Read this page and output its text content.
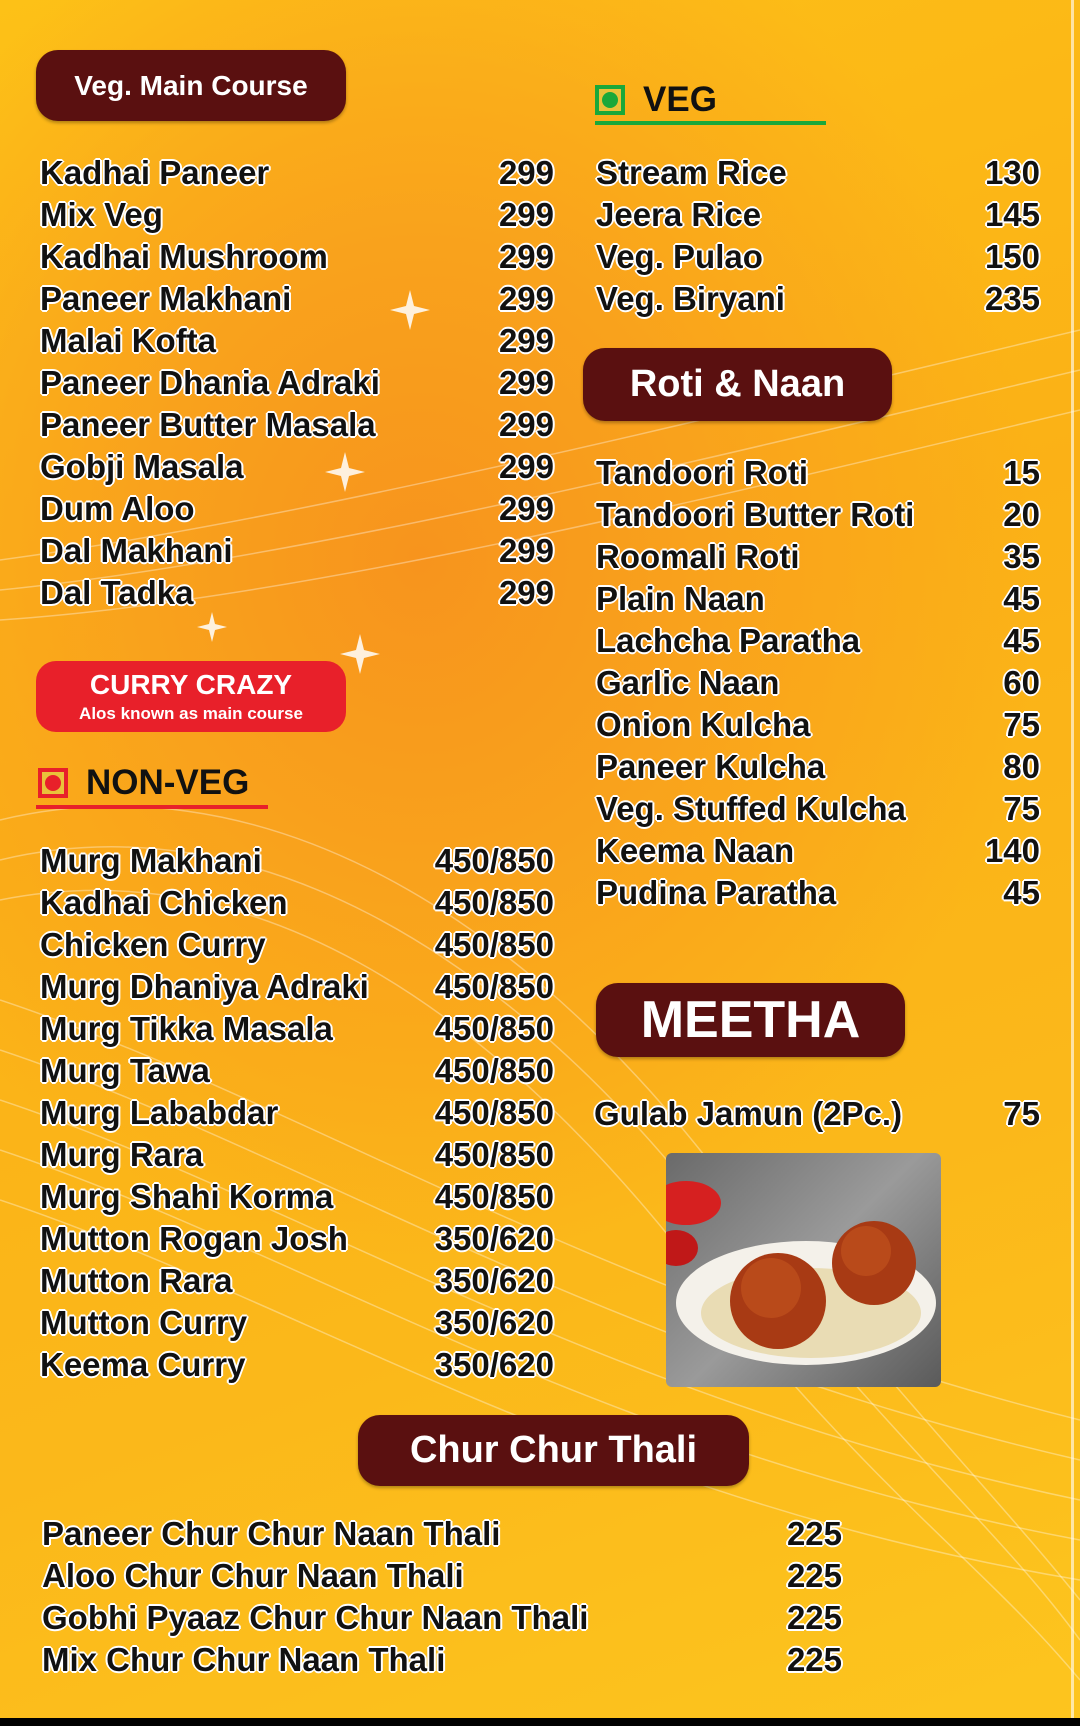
Veg. Main Course
Kadhai Paneer	299
Mix Veg	299
Kadhai Mushroom	299
Paneer Makhani	299
Malai Kofta	299
Paneer Dhania Adraki	299
Paneer Butter Masala	299
Gobji Masala	299
Dum Aloo	299
Dal Makhani	299
Dal Tadka	299
CURRY CRAZY
Alos known as main course
NON-VEG
Murg Makhani	450/850
Kadhai Chicken	450/850
Chicken Curry	450/850
Murg Dhaniya Adraki	450/850
Murg Tikka Masala	450/850
Murg Tawa	450/850
Murg Lababdar	450/850
Murg Rara	450/850
Murg Shahi Korma	450/850
Mutton Rogan Josh	350/620
Mutton Rara	350/620
Mutton Curry	350/620
Keema Curry	350/620
VEG
Stream Rice	130
Jeera Rice	145
Veg. Pulao	150
Veg. Biryani	235
Roti & Naan
Tandoori Roti	15
Tandoori Butter Roti	20
Roomali Roti	35
Plain Naan	45
Lachcha Paratha	45
Garlic Naan	60
Onion Kulcha	75
Paneer Kulcha	80
Veg. Stuffed Kulcha	75
Keema Naan	140
Pudina Paratha	45
MEETHA
Gulab Jamun (2Pc.)	75
Chur Chur Thali
Paneer Chur Chur Naan Thali	225
Aloo Chur Chur Naan Thali	225
Gobhi Pyaaz Chur Chur Naan Thali	225
Mix Chur Chur Naan Thali	225
